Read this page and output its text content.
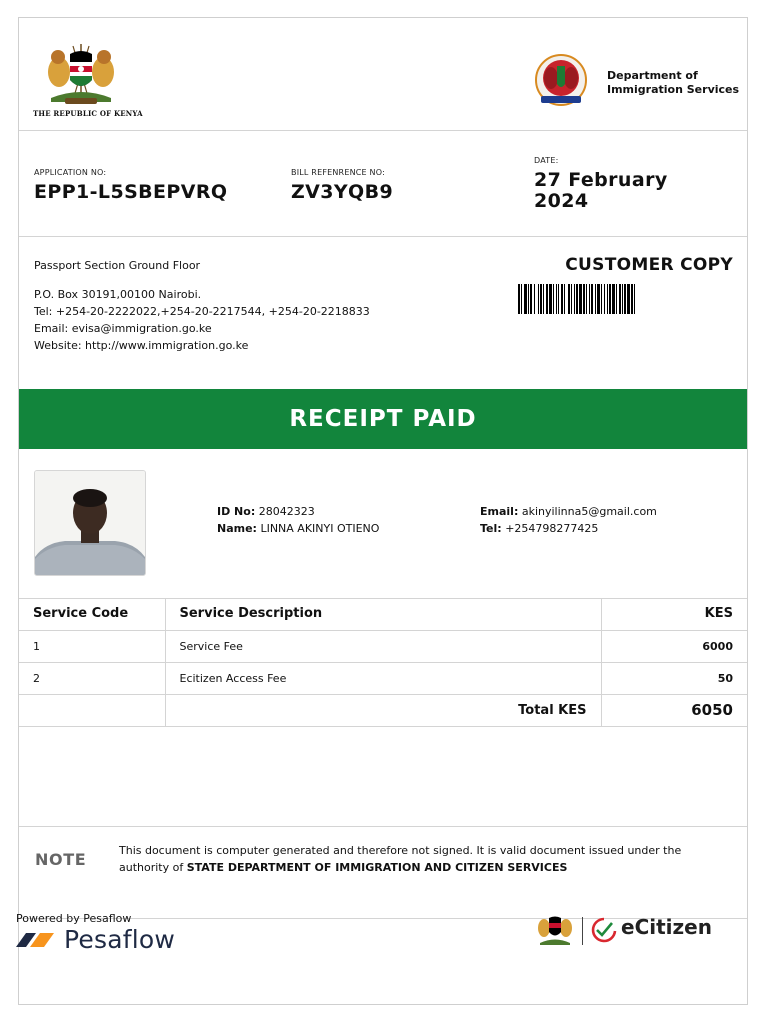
THE REPUBLIC OF KENYA
Department of
Immigration Services
APPLICATION NO:
EPP1-L5SBEPVRQ
BILL REFENRENCE NO:
ZV3YQB9
DATE:
27 February
2024
Passport Section Ground Floor
P.O. Box 30191,00100 Nairobi.
Tel: +254-20-2222022,+254-20-2217544, +254-20-2218833
Email: evisa@immigration.go.ke
Website: http://www.immigration.go.ke
CUSTOMER COPY
RECEIPT PAID
ID No: 28042323
Name: LINNA AKINYI OTIENO
Email: akinyilinna5@gmail.com
Tel: +254798277425
Service Code	Service Description	KES
1	Service Fee	6000
2	Ecitizen Access Fee	50
	Total KES	6050
NOTE	This document is computer generated and therefore not signed. It is valid document issued under the
authority of STATE DEPARTMENT OF IMMIGRATION AND CITIZEN SERVICES
Powered by Pesaflow
Pesaflow	eCitizen
